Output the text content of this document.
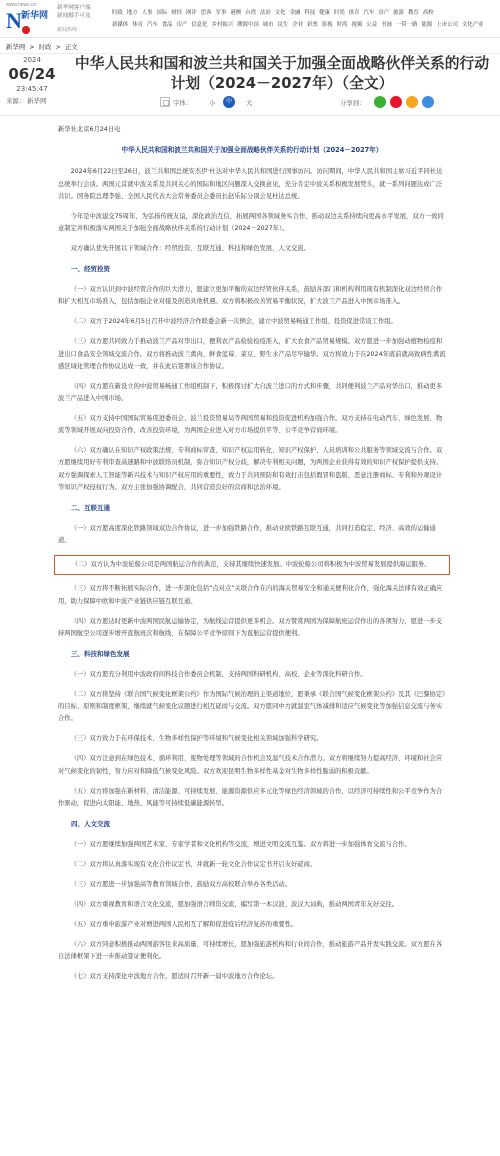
www.news.cn
N 新华网
新华网客户端
新闻触手可及
新闻热线：
时政 地方 人事 国际 财经 网评 思客 军事 港澳 台湾 法治 文化 金融 科技 健康 时尚 体育 汽车 房产 旅游 教育 高校
新媒体 体育 汽车 食品 房产 信息化 乡村振兴 溯源中国 城市 民生 企业 彩票 影视 时尚 视频 公益 书画 一带一路 能源 上市公司 文化产业
新华网 > 时政 > 正文
2024
06/24
23:45:47
来源： 新华网
中华人民共和国和波兰共和国关于加强全面战略伙伴关系的行动计划（2024－2027年）（全文）
字体：	小	中	大	分享到：

新华社北京6月24日电

中华人民共和国和波兰共和国关于加强全面战略伙伴关系的行动计划（2024－2027年）

2024年6月22日至26日，波兰共和国总统安杰伊·杜达对中华人民共和国进行国事访问。访问期间，中华人民共和国主席习近平同杜达总统举行会谈。两国元首就中波关系及共同关心的国际和地区问题深入交换意见，充分肯定中波关系积极发展势头，就一系列问题达成广泛共识。国务院总理李强、全国人民代表大会常务委员会委员长赵乐际分别会见杜达总统。

今年是中波建交75周年，为弘扬传统友谊，深化政治互信，拓展两国各领域务实合作，推动双边关系持续向更高水平发展，双方一致同意制定并积极落实两国关于加强全面战略伙伴关系的行动计划（2024－2027年）。

双方确认优先开展以下领域合作：经贸投资、互联互通、科技和绿色发展、人文交流。

一、经贸投资

（一）双方认识到中波经贸合作的巨大潜力，愿建立更加平衡的双边经贸伙伴关系，鼓励各部门和机构利用现有机制深化双边经贸合作和扩大相互市场准入，包括加强企业对接及创造具他机遇。双方将积极改善贸易平衡状况，扩大波兰产品进入中国市场准入。

（二）双方于2024年6月5日召开中波经济合作联委会新一次例会，建立中波贸易畅通工作组、投资促进常设工作组。

（三）双方愿共同致力于推动波兰产品对华出口，便利农产品检验检疫准入，扩大农食产品贸易规模。双方愿进一步加强动植物检疫和进出口食品安全领域交流合作。双方将推动波兰禽肉、鲜食蓝莓、菜豆、野生水产品尽早输华。双方将致力于在2024年底前就高致病性禽流感区域化管理合作协议达成一致，并在此后签署该合作协议。

（四）双方愿在新设立的中波贸易畅通工作组机制下，积极探讨扩大自波兰进口的方式和步骤，共同便利波兰产品对华出口，推动更多波兰产品进入中国市场。

（五）双方支持中国国际贸易促进委员会、波兰投资贸易局等两国贸易和投资促进机构加强合作。双方支持在电动汽车、绿色发展、物流等领域开展双向投资合作，改善投资环境，为两国企业进入对方市场提供平等、公平竞争营商环境。

（六）双方确认在知识产权政策法规、专利商标审查、知识产权运用转化、知识产权保护、人员培训和公共服务等领域交流与合作。双方愿继续用好专利审查高速路和中波联络员机制，弥合知识产权分歧，解决专利相关问题，为两国企业获得有效的知识产权保护提供支持。双方强调探索人工智能等新兴技术与知识产权应用的重要性，致力于共同预防和有效打击包括假冒和盗版、恶意注册商标、专利和外观设计等知识产权侵权行为。双方主张加强协调配合，共同营造良好的营商和法治环境。

二、互联互通

（一）双方愿高度深化铁路领域双边合作协议，进一步加强铁路合作，推动亚欧铁路互联互通，共同打造稳定、经济、高效的运输通道。

（二）双方认为中波轮船公司是两国航运合作的典范，支持其继续快速发展。中波轮船公司将积极为中波贸易发展提供海运服务。

（三）双方将不断拓展实际合作，进一步深化包括“点对点”关联合作在内的海关贸易安全和通关便利化合作，强化海关法律有效正确应用，助力保障中欧和中波产业链供应链互联互通。

（四）双方愿达时更新中波两国民航运输协定，为航线运营提供更多机会。双方赞赏两国为保障航班运营作出的各项努力，愿进一步支持两国航空公司逐步增开直航班次和航线，在保障公平竞争原则下为直航运营提供便利。

三、科技和绿色发展

（一）双方愿充分利用中波政府间科技合作委员会机制，支持两国科研机构、高校、企业等深化科研合作。

（二）双方将坚持《联合国气候变化框架公约》作为国际气候治理的主渠道地位，愿秉承《联合国气候变化框架公约》及其《巴黎协定》的目标、原则和制度框架，继续就气候变化议题进行相互磋商与交流。双方愿同中方就温室气体减排和适应气候变化等加强信息交流与务实合作。

（三）双方致力于在环保技术、生物多样性保护等环境和气候变化相关领域加强科学研究。

（四）双方注意到在绿色技术、循环利用、废物处理等领域的合作机会及温气技术合作潜力。双方将继续努力提高经济、环境和社会应对气候变化的韧性，努力应对和降低气候变化风险。双方欢迎昆明生物多样性基金对生物多样性脆弱的积极贡献。

（五）双方将加强在新材料、清洁能源、可持续发展、能源资源供应多元化等绿色经济领域的合作，以经济可持续性和公平竞争作为合作驱动，促进向太阳能、地热、风能等可持续低碳能源转型。

四、人文交流

（一）双方愿继续加强两国艺术家、专家学者和文化机构等交流，增进文明交流互鉴。双方将进一步加强体育交流与合作。

（二）双方将认真落实现有文化合作议定书，并就新一轮文化合作议定书开启友好磋商。

（三）双方愿进一步加强高等教育领域合作，鼓励双方高校联合举办各类活动。

（四）双方重视教育和语言文化交流，愿加强语言师资交流，编写第一本汉波、波汉大词典，推动两国青年友好交往。

（五）双方重申旅游产业对增进两国人民相互了解和促进疫后经济复苏的重要性。

（六）双方同意积极推动两国游客往来高质量、可持续增长，愿加强旅游机构和行业间合作，推动旅游产品开发实践交流。双方愿在各自法律框架下进一步推动签证便利化。

（七）双方支持深化中波地方合作，愿适时召开新一届中波地方合作论坛。
